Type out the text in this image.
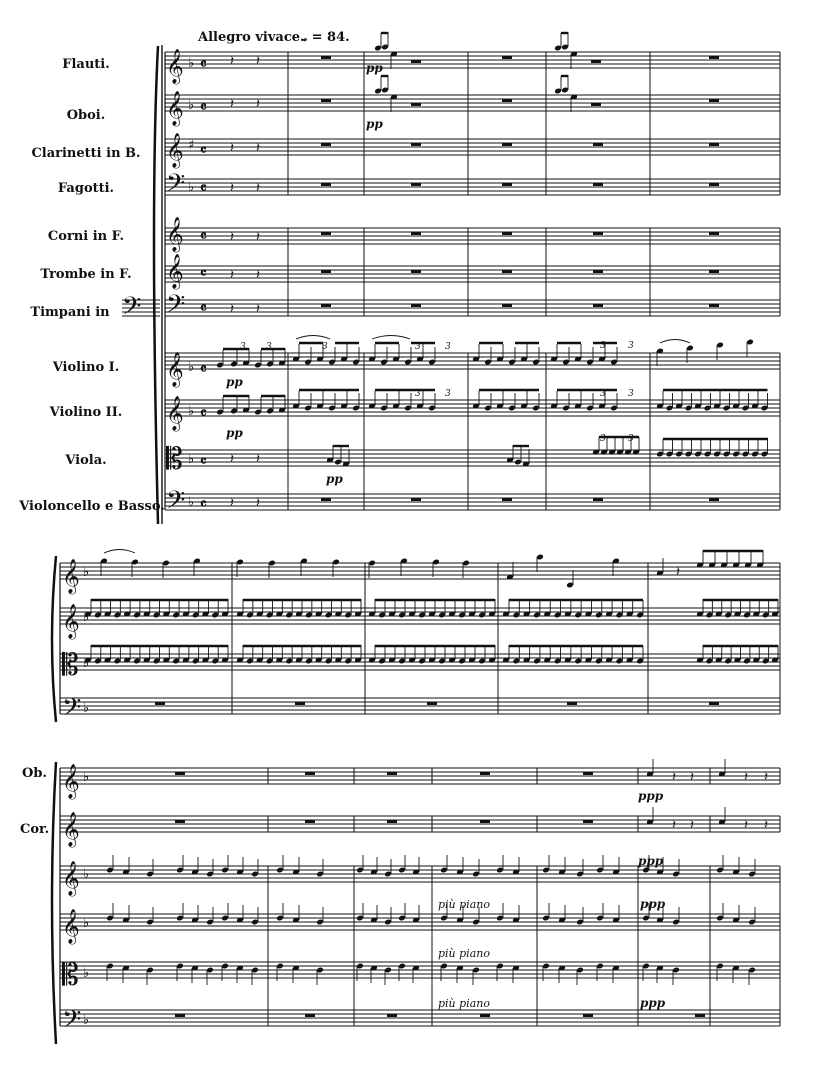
𝄽 𝄽
𝄽 𝄽
𝄽 𝄽
𝄽 𝄽
𝄽 𝄽
𝄽 𝄽
𝄽 𝄽
𝄽 𝄽
𝄽 𝄽
𝄽
𝄽 𝄽	𝄽 𝄽
𝄽 𝄽	𝄽 𝄽
Allegro vivace.
𝅗 = 84.
Flauti.
Oboi.
Clarinetti in B.
Fagotti.
Corni in F.
Trombe in F.
Timpani in
Violino I.
Violino II.
Viola.
Violoncello e Basso.
𝄞
𝄞
𝄞
𝄢
𝄞
𝄞
𝄢
𝄞
𝄞
𝄡
𝄢
𝄢
♭
♭
♯
♭
♭
♭
♭
♭
𝄴
𝄴
𝄴
𝄴
𝄴
𝄴
𝄴
𝄴
𝄴
𝄴
𝄴
pp
pp
pp
pp
pp
3 3	3	3	3	3 3
3	3	3 3
3 3
𝄞
𝄞
𝄡
𝄢
♭
♭
♭
♭
Ob.
Cor.
𝄞
𝄞
𝄞
𝄞
𝄡
𝄢
♭
♭
♭
♭
♭
più piano
più piano
più piano
ppp
ppp
ppp
ppp
